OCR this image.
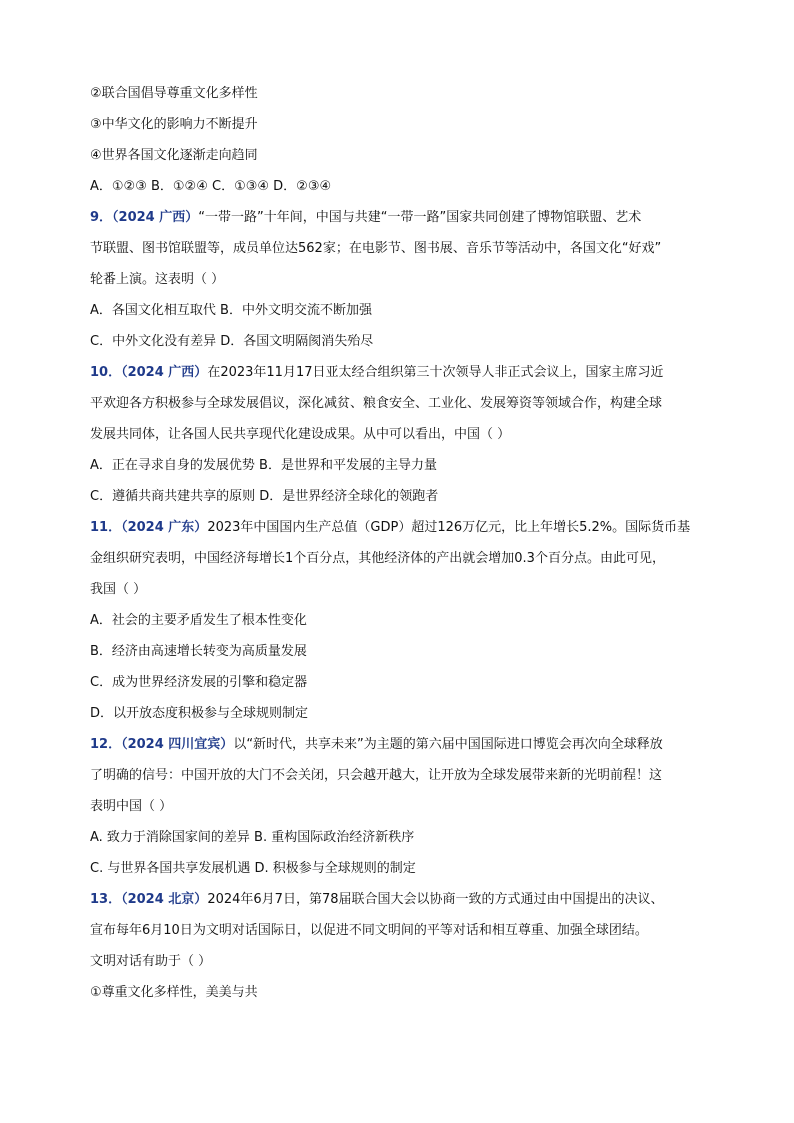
②联合国倡导尊重文化多样性
③中华文化的影响力不断提升
④世界各国文化逐渐走向趋同
A．①②③ B．①②④ C．①③④ D．②③④
9．（2024 广西）“一带一路”十年间，中国与共建“一带一路”国家共同创建了博物馆联盟、艺术
节联盟、图书馆联盟等，成员单位达562家；在电影节、图书展、音乐节等活动中，各国文化“好戏”
轮番上演。这表明（ ）
A．各国文化相互取代 B．中外文明交流不断加强
C．中外文化没有差异 D．各国文明隔阂消失殆尽
10．（2024 广西）在2023年11月17日亚太经合组织第三十次领导人非正式会议上，国家主席习近
平欢迎各方积极参与全球发展倡议，深化减贫、粮食安全、工业化、发展筹资等领域合作，构建全球
发展共同体，让各国人民共享现代化建设成果。从中可以看出，中国（ ）
A．正在寻求自身的发展优势 B．是世界和平发展的主导力量
C．遵循共商共建共享的原则 D．是世界经济全球化的领跑者
11．（2024 广东）2023年中国国内生产总值（GDP）超过126万亿元，比上年增长5.2%。国际货币基
金组织研究表明，中国经济每增长1个百分点，其他经济体的产出就会增加0.3个百分点。由此可见，
我国（ ）
A．社会的主要矛盾发生了根本性变化
B．经济由高速增长转变为高质量发展
C．成为世界经济发展的引擎和稳定器
D．以开放态度积极参与全球规则制定
12．（2024 四川宜宾）以“新时代，共享未来”为主题的第六届中国国际进口博览会再次向全球释放
了明确的信号：中国开放的大门不会关闭，只会越开越大，让开放为全球发展带来新的光明前程！这
表明中国（ ）
A. 致力于消除国家间的差异 B. 重构国际政治经济新秩序
C. 与世界各国共享发展机遇 D. 积极参与全球规则的制定
13．（2024 北京）2024年6月7日，第78届联合国大会以协商一致的方式通过由中国提出的决议、
宣布每年6月10日为文明对话国际日，以促进不同文明间的平等对话和相互尊重、加强全球团结。
文明对话有助于（ ）
①尊重文化多样性，美美与共
